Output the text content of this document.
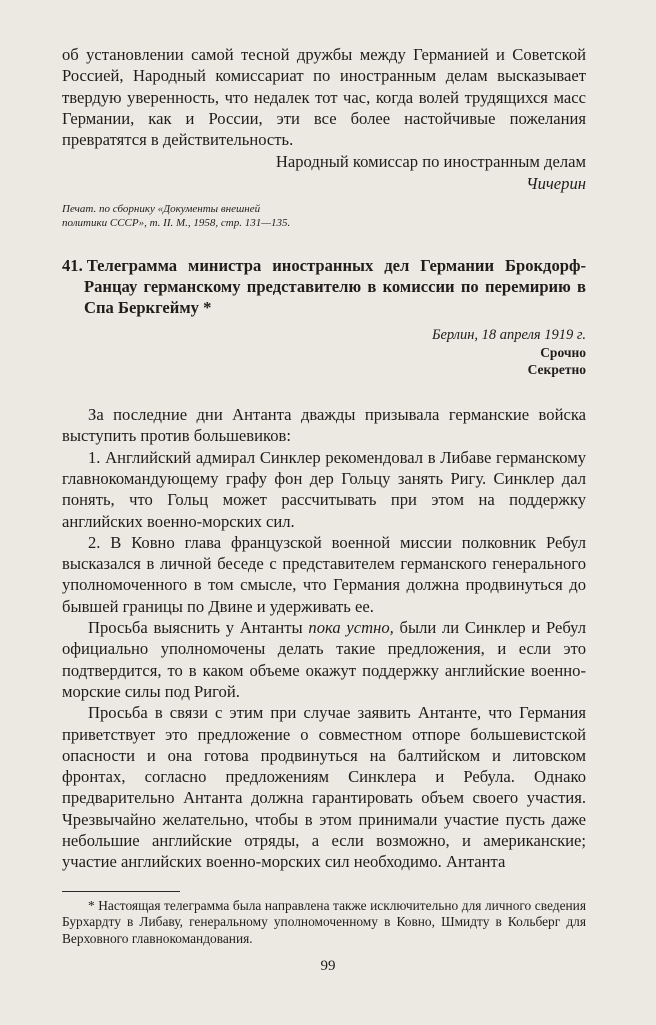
об установлении самой тесной дружбы между Германией и Советской Россией, Народный комиссариат по иностранным делам высказывает твердую уверенность, что недалек тот час, когда волей трудящихся масс Германии, как и России, эти все более настойчивые пожелания превратятся в действительность.

Народный комиссар по иностранным делам

Чичерин

Печат. по сборнику «Документы внешней политики СССР», т. II. М., 1958, стр. 131—135.

41. Телеграмма министра иностранных дел Германии Брокдорф-Ранцау германскому представителю в комиссии по перемирию в Спа Беркгейму *

Берлин, 18 апреля 1919 г.

Срочно

Секретно

За последние дни Антанта дважды призывала германские войска выступить против большевиков:

1. Английский адмирал Синклер рекомендовал в Либаве германскому главнокомандующему графу фон дер Гольцу занять Ригу. Синклер дал понять, что Гольц может рассчитывать при этом на поддержку английских военно-морских сил.

2. В Ковно глава французской военной миссии полковник Ребул высказался в личной беседе с представителем германского генерального уполномоченного в том смысле, что Германия должна продвинуться до бывшей границы по Двине и удерживать ее.

Просьба выяснить у Антанты пока устно, были ли Синклер и Ребул официально уполномочены делать такие предложения, и если это подтвердится, то в каком объеме окажут поддержку английские военно-морские силы под Ригой.

Просьба в связи с этим при случае заявить Антанте, что Германия приветствует это предложение о совместном отпоре большевистской опасности и она готова продвинуться на балтийском и литовском фронтах, согласно предложениям Синклера и Ребула. Однако предварительно Антанта должна гарантировать объем своего участия. Чрезвычайно желательно, чтобы в этом принимали участие пусть даже небольшие английские отряды, а если возможно, и американские; участие английских военно-морских сил необходимо. Антанта

* Настоящая телеграмма была направлена также исключительно для личного сведения Бурхардту в Либаву, генеральному уполномоченному в Ковно, Шмидту в Кольберг для Верховного главнокомандования.

99
